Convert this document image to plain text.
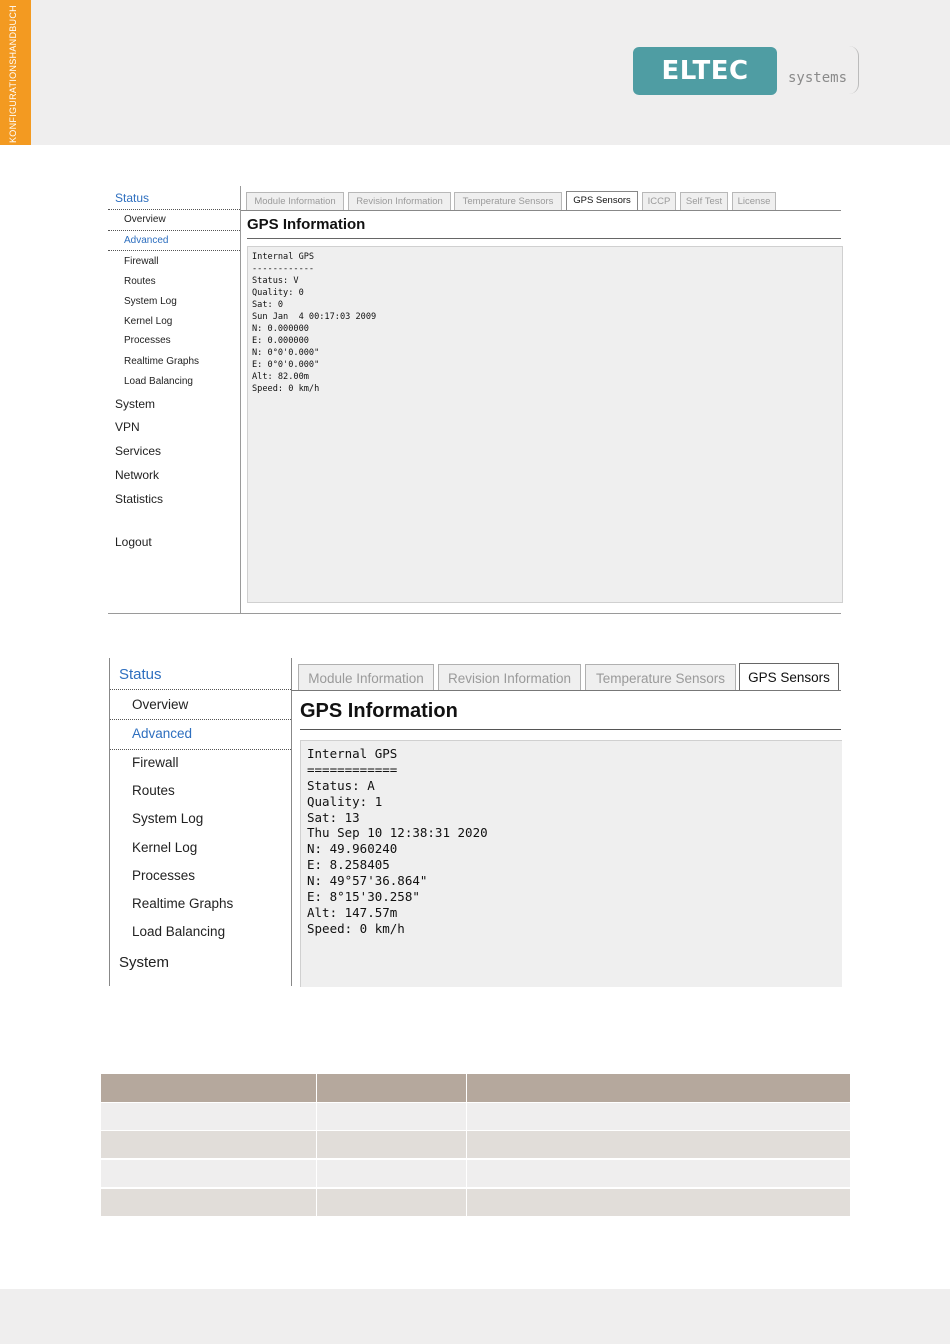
KONFIGURATIONSHANDBUCH	ELTEC	systems
Status
Overview
Advanced
Firewall
Routes
System Log
Kernel Log
Processes
Realtime Graphs
Load Balancing
System
VPN
Services
Network
Statistics
Logout
Module Information	Revision Information	Temperature Sensors	GPS Sensors	ICCP	Self Test	License
GPS Information
Internal GPS
------------
Status: V
Quality: 0
Sat: 0
Sun Jan  4 00:17:03 2009
N: 0.000000
E: 0.000000
N: 0°0'0.000"
E: 0°0'0.000"
Alt: 82.00m
Speed: 0 km/h
Status
Overview
Advanced
Firewall
Routes
System Log
Kernel Log
Processes
Realtime Graphs
Load Balancing
System
Module Information	Revision Information	Temperature Sensors	GPS Sensors
GPS Information
Internal GPS
============
Status: A
Quality: 1
Sat: 13
Thu Sep 10 12:38:31 2020
N: 49.960240
E: 8.258405
N: 49°57'36.864"
E: 8°15'30.258"
Alt: 147.57m
Speed: 0 km/h
